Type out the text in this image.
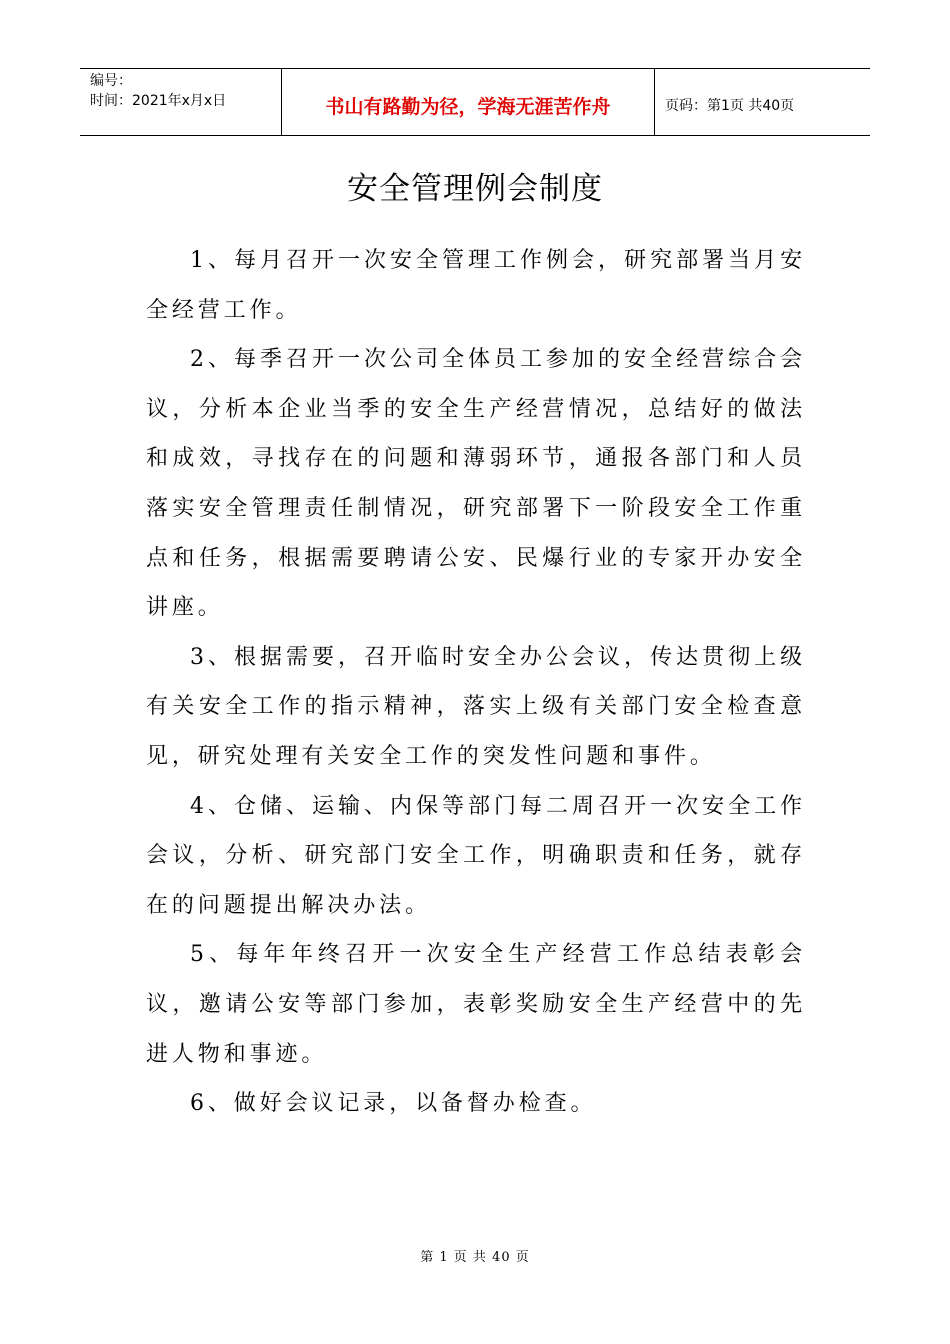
编号：
时间：2021年x月x日	书山有路勤为径，学海无涯苦作舟	页码：第1页 共40页
安全管理例会制度

1、每月召开一次安全管理工作例会，研究部署当月安全经营工作。

2、每季召开一次公司全体员工参加的安全经营综合会议，分析本企业当季的安全生产经营情况，总结好的做法和成效，寻找存在的问题和薄弱环节，通报各部门和人员落实安全管理责任制情况，研究部署下一阶段安全工作重点和任务，根据需要聘请公安、民爆行业的专家开办安全讲座。

3、根据需要，召开临时安全办公会议，传达贯彻上级有关安全工作的指示精神，落实上级有关部门安全检查意见，研究处理有关安全工作的突发性问题和事件。

4、仓储、运输、内保等部门每二周召开一次安全工作会议，分析、研究部门安全工作，明确职责和任务，就存在的问题提出解决办法。

5、每年年终召开一次安全生产经营工作总结表彰会议，邀请公安等部门参加，表彰奖励安全生产经营中的先进人物和事迹。

6、做好会议记录，以备督办检查。

第 1 页 共 40 页
